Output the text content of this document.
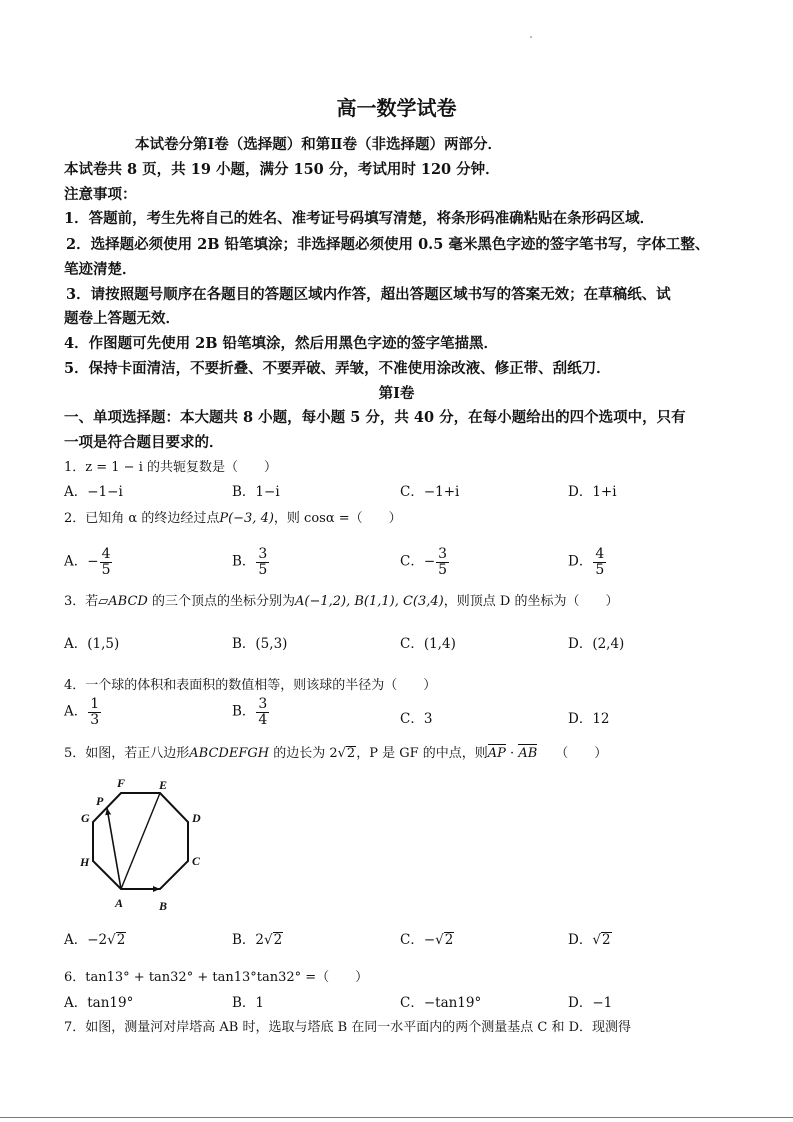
高一数学试卷
本试卷分第Ⅰ卷（选择题）和第Ⅱ卷（非选择题）两部分．
本试卷共 8 页，共 19 小题，满分 150 分，考试用时 120 分钟．
注意事项：
1．答题前，考生先将自己的姓名、准考证号码填写清楚，将条形码准确粘贴在条形码区域．
2．选择题必须使用 2B 铅笔填涂；非选择题必须使用 0.5 毫米黑色字迹的签字笔书写，字体工整、
笔迹清楚．
3．请按照题号顺序在各题目的答题区域内作答，超出答题区域书写的答案无效；在草稿纸、试
题卷上答题无效．
4．作图题可先使用 2B 铅笔填涂，然后用黑色字迹的签字笔描黑．
5．保持卡面清洁，不要折叠、不要弄破、弄皱，不准使用涂改液、修正带、刮纸刀．
第Ⅰ卷
一、单项选择题：本大题共 8 小题，每小题 5 分，共 40 分，在每小题给出的四个选项中，只有
一项是符合题目要求的．
1．z = 1 − i 的共轭复数是（　　）
A．−1−i	B．1−i	C．−1+i	D．1+i
2．已知角 α 的终边经过点P(−3, 4)，则 cosα =（　　）
A．− $\frac{4}{5}$	B． $\frac{3}{5}$	C．− $\frac{3}{5}$	D． $\frac{4}{5}$
3．若▱ABCD 的三个顶点的坐标分别为A(−1,2), B(1,1), C(3,4)，则顶点 D 的坐标为（　　）
A．(1,5)	B．(5,3)	C．(1,4)	D．(2,4)
4．一个球的体积和表面积的数值相等，则该球的半径为（　　）
A． $\frac{1}{3}$	B． $\frac{3}{4}$	C．3	D．12
5．如图，若正八边形ABCDEFGH 的边长为 2√2，P 是 GF 的中点，则AP · AB （　　）
F	E
P
G	D
H	C
A	B
A．−2√2	B．2√2	C．−√2	D．√2
6．tan13° + tan32° + tan13°tan32° =（　　）
A．tan19°	B．1	C．−tan19°	D．−1
7．如图，测量河对岸塔高 AB 时，选取与塔底 B 在同一水平面内的两个测量基点 C 和 D．现测得
